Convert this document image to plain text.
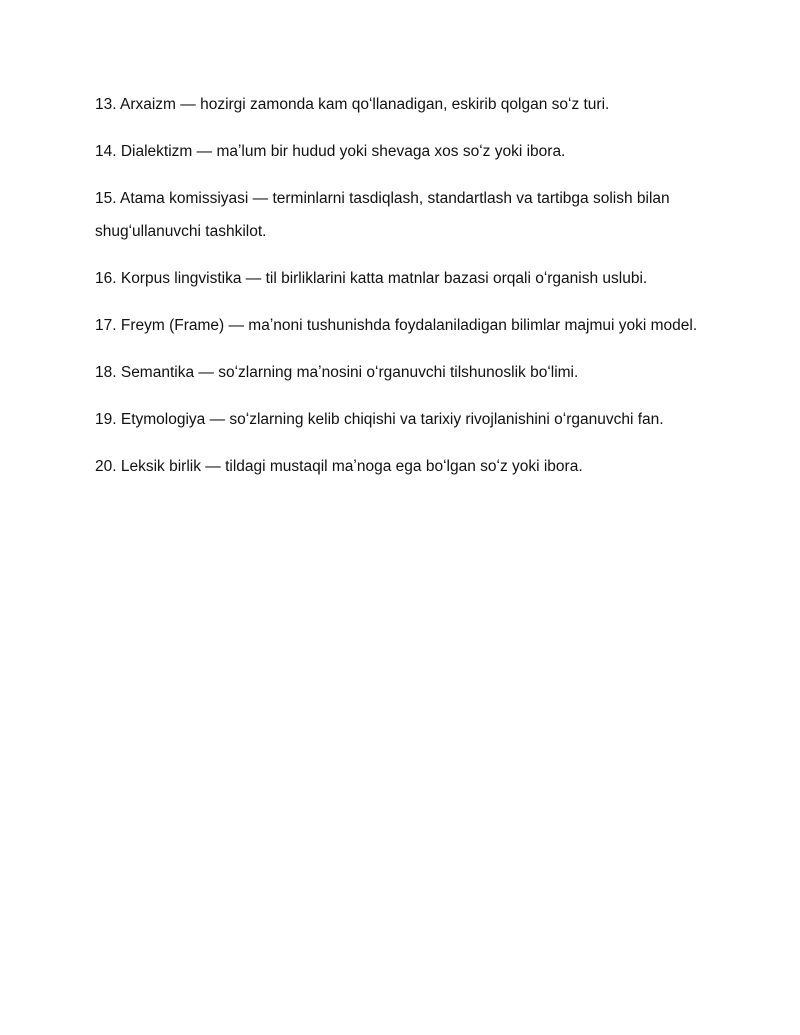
13. Arxaizm — hozirgi zamonda kam qoʻllanadigan, eskirib qolgan soʻz turi.

14. Dialektizm — maʼlum bir hudud yoki shevaga xos soʻz yoki ibora.

15. Atama komissiyasi — terminlarni tasdiqlash, standartlash va tartibga solish bilan shugʻullanuvchi tashkilot.

16. Korpus lingvistika — til birliklarini katta matnlar bazasi orqali oʻrganish uslubi.

17. Freym (Frame) — maʼnoni tushunishda foydalaniladigan bilimlar majmui yoki model.

18. Semantika — soʻzlarning maʼnosini oʻrganuvchi tilshunoslik boʻlimi.

19. Etymologiya — soʻzlarning kelib chiqishi va tarixiy rivojlanishini oʻrganuvchi fan.

20. Leksik birlik — tildagi mustaqil maʼnoga ega boʻlgan soʻz yoki ibora.
